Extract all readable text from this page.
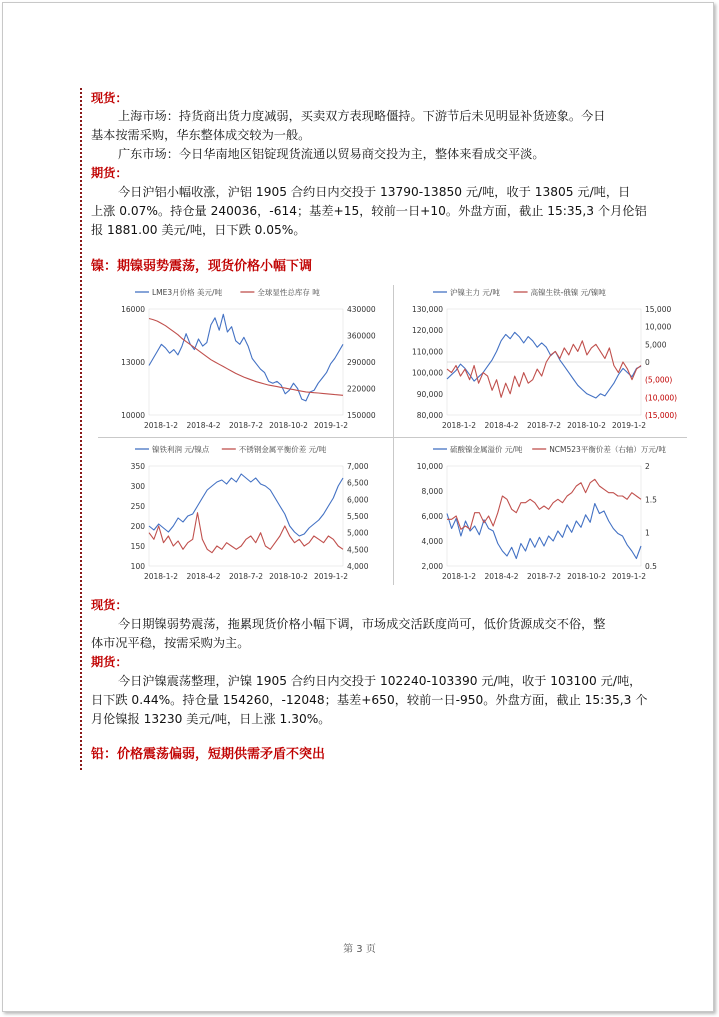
现货：
上海市场：持货商出货力度减弱，买卖双方表现略僵持。下游节后未见明显补货迹象。今日
基本按需采购，华东整体成交较为一般。
广东市场：今日华南地区铝锭现货流通以贸易商交投为主，整体来看成交平淡。
期货：
今日沪铝小幅收涨，沪铝 1905 合约日内交投于 13790-13850 元/吨，收于 13805 元/吨，日
上涨 0.07%。持仓量 240036，-614；基差+15，较前一日+10。外盘方面，截止 15:35,3 个月伦铝
报 1881.00 美元/吨，日下跌 0.05%。
镍：期镍弱势震荡，现货价格小幅下调
LME3月价格 美元/吨	全球显性总库存 吨
16000
13000
10000
430000
360000
290000
220000
150000
2018-1-2 2018-4-2 2018-7-2 2018-10-2 2019-1-2
沪镍主力 元/吨	高镍生铁-俄镍 元/镍吨
130,000
120,000
110,000
100,000
90,000
80,000
15,000
10,000
5,000
0
(5,000)
(10,000)
(15,000)
2018-1-2 2018-4-2 2018-7-2 2018-10-2 2019-1-2
镍铁利润 元/镍点	不锈钢金属平衡价差 元/吨
350
300
250
200
150
100
7,000
6,500
6,000
5,500
5,000
4,500
4,000
2018-1-2 2018-4-2 2018-7-2 2018-10-2 2019-1-2
硫酸镍金属溢价 元/吨	NCM523平衡价差（右轴）万元/吨
10,000
8,000
6,000
4,000
2,000
2
1.5
1
0.5
2018-1-2 2018-4-2 2018-7-2 2018-10-2 2019-1-2
现货：
今日期镍弱势震荡，拖累现货价格小幅下调，市场成交活跃度尚可，低价货源成交不俗，整
体市况平稳，按需采购为主。
期货：
今日沪镍震荡整理，沪镍 1905 合约日内交投于 102240-103390 元/吨，收于 103100 元/吨，
日下跌 0.44%。持仓量 154260，-12048；基差+650，较前一日-950。外盘方面，截止 15:35,3 个
月伦镍报 13230 美元/吨，日上涨 1.30%。
铅：价格震荡偏弱，短期供需矛盾不突出
第 3 页
